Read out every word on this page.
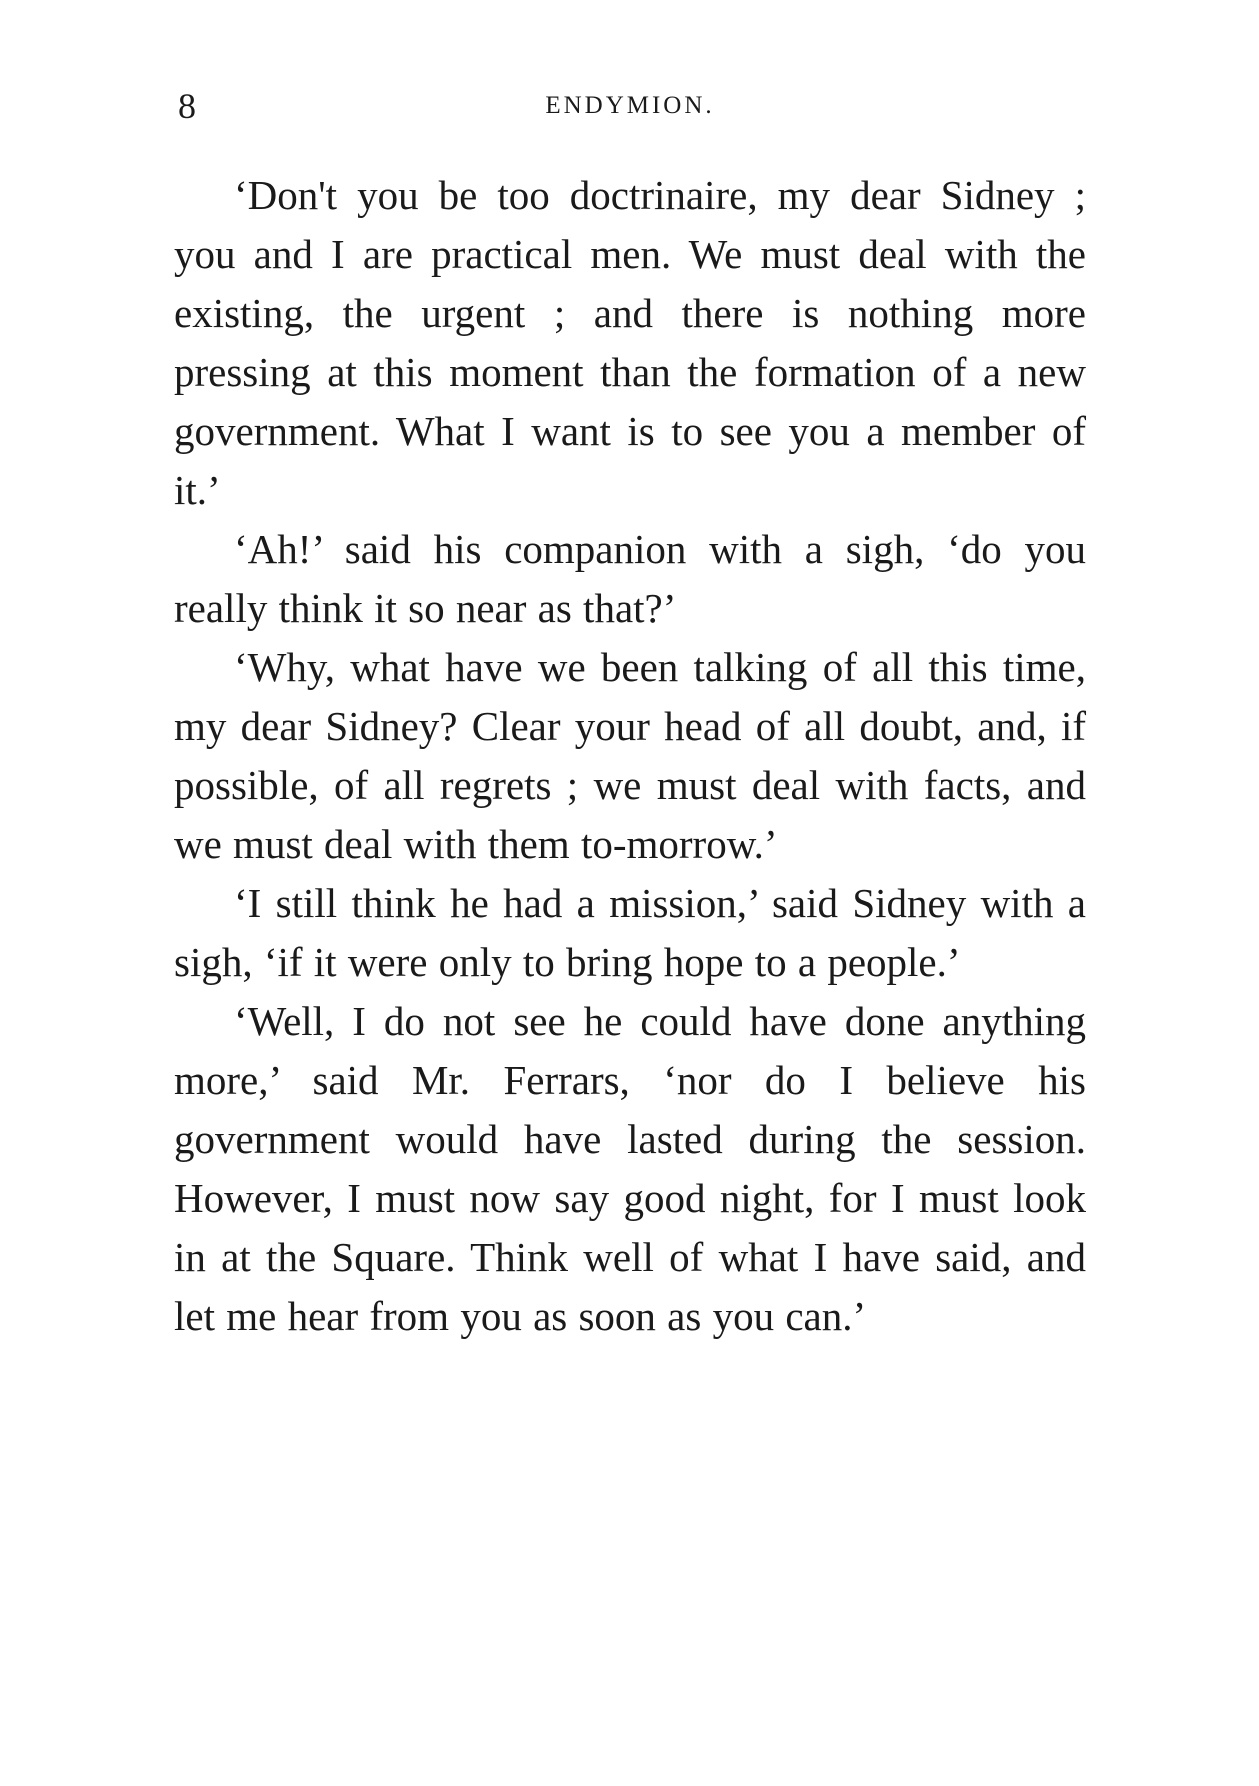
8	ENDYMION.

‘Don't you be too doctrinaire, my dear Sidney ; you and I are practical men. We must deal with the existing, the urgent ; and there is nothing more pressing at this moment than the formation of a new government. What I want is to see you a member of it.’

‘Ah!’ said his companion with a sigh, ‘do you really think it so near as that?’

‘Why, what have we been talking of all this time, my dear Sidney? Clear your head of all doubt, and, if possible, of all regrets ; we must deal with facts, and we must deal with them to-morrow.’

‘I still think he had a mission,’ said Sidney with a sigh, ‘if it were only to bring hope to a people.’

‘Well, I do not see he could have done anything more,’ said Mr. Ferrars, ‘nor do I believe his government would have lasted during the session. However, I must now say good night, for I must look in at the Square. Think well of what I have said, and let me hear from you as soon as you can.’
